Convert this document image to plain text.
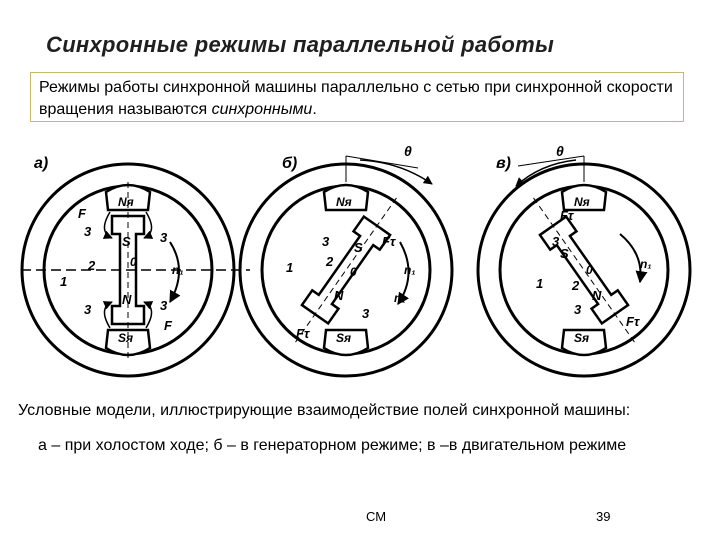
Синхронные режимы параллельной работы
Режимы работы синхронной машины параллельно с сетью при синхронной скорости вращения называются синхронными.
а)
Nя
Sя
S
N
0
F
F
n₁
1
2
3	3
3	3
б)
θ
Nя
Sя
S
N
0
Fτ
Fτ
n₁
n₁
1	2
3
3
в)
θ
Nя
Sя
S
N
0
Fτ
Fτ
n₁
1 2
3
3
Условные модели, иллюстрирующие взаимодействие полей синхронной машины:
а – при холостом ходе; б – в генераторном режиме; в –в двигательном режиме
СМ	39
